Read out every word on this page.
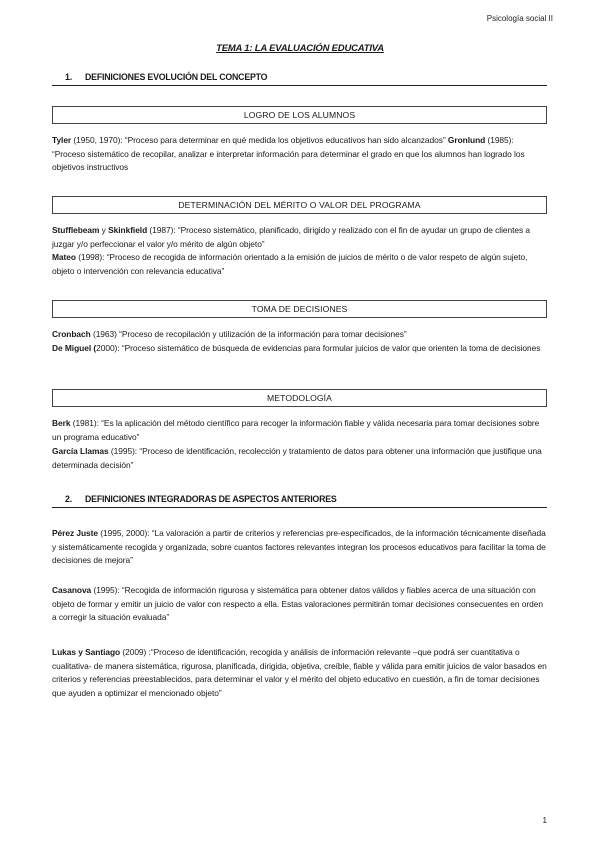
Psicología social II
TEMA 1: LA EVALUACIÓN EDUCATIVA
1. DEFINICIONES EVOLUCIÓN DEL CONCEPTO
LOGRO DE LOS ALUMNOS
Tyler (1950, 1970): “Proceso para determinar en qué medida los objetivos educativos han sido alcanzados” Gronlund (1985): “Proceso sistemático de recopilar, analizar e interpretar información para determinar el grado en que los alumnos han logrado los objetivos instructivos
DETERMINACIÓN DEL MÉRITO O VALOR DEL PROGRAMA
Stufflebeam y Skinkfield (1987): “Proceso sistemático, planificado, dirigido y realizado con el fin de ayudar un grupo de clientes a juzgar y/o perfeccionar el valor y/o mérito de algún objeto”
Mateo (1998): “Proceso de recogida de información orientado a la emisión de juicios de mérito o de valor respeto de algún sujeto, objeto o intervención con relevancia educativa”
TOMA DE DECISIONES
Cronbach (1963) “Proceso de recopilación y utilización de la información para tomar decisiones”
De Miguel (2000): “Proceso sistemático de búsqueda de evidencias para formular juicios de valor que orienten la toma de decisiones
METODOLOGÍA
Berk (1981): “Es la aplicación del método científico para recoger la información fiable y válida necesaria para tomar decisiones sobre un programa educativo”
García Llamas (1995): “Proceso de identificación, recolección y tratamiento de datos para obtener una información que justifique una determinada decisión”
2. DEFINICIONES INTEGRADORAS DE ASPECTOS ANTERIORES
Pérez Juste (1995, 2000): “La valoración a partir de criterios y referencias pre-especificados, de la información técnicamente diseñada y sistemáticamente recogida y organizada, sobre cuantos factores relevantes integran los procesos educativos para facilitar la toma de decisiones de mejora”
Casanova (1995): “Recogida de información rigurosa y sistemática para obtener datos válidos y fiables acerca de una situación con objeto de formar y emitir un juicio de valor con respecto a ella. Estas valoraciones permitirán tomar decisiones consecuentes en orden a corregir la situación evaluada”
Lukas y Santiago (2009) :“Proceso de identificación, recogida y análisis de información relevante –que podrá ser cuantitativa o cualitativa- de manera sistemática, rigurosa, planificada, dirigida, objetiva, creíble, fiable y válida para emitir juicios de valor basados en criterios y referencias preestablecidos, para determinar el valor y el mérito del objeto educativo en cuestión, a fin de tomar decisiones que ayuden a optimizar el mencionado objeto”
1
